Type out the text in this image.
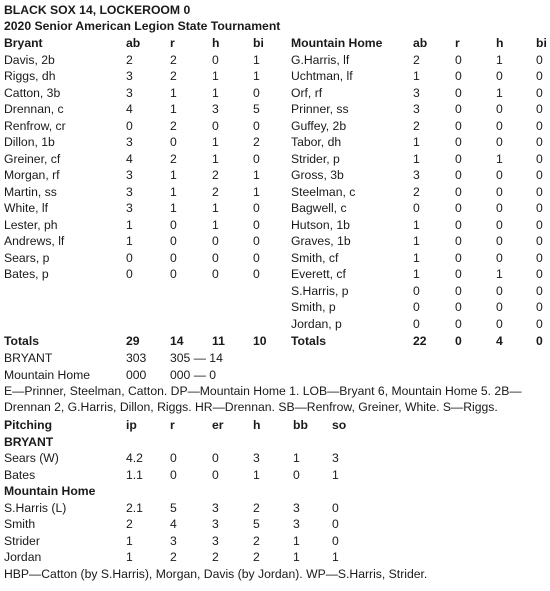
BLACK SOX 14, LOCKEROOM 0
2020 Senior American Legion State Tournament
Bryant	ab r	h	bi
Davis, 2b	2	2	0	1
Riggs, dh	3	2	1	1
Catton, 3b	3	1	1	0
Drennan, c	4	1	3	5
Renfrow, cr	0	2	0	0
Dillon, 1b	3	0	1	2
Greiner, cf	4	2	1	0
Morgan, rf	3	1	2	1
Martin, ss	3	1	2	1
White, lf	3	1	1	0
Lester, ph	1	0	1	0
Andrews, lf	1	0	0	0
Sears, p	0	0	0	0
Bates, p	0	0	0	0
Totals	29 14 11 10
Mountain Home	ab r	h	bi
G.Harris, lf	2	0	1	0
Uchtman, lf	1	0	0	0
Orf, rf	3	0	1	0
Prinner, ss	3	0	0	0
Guffey, 2b	2	0	0	0
Tabor, dh	1	0	0	0
Strider, p	1	0	1	0
Gross, 3b	3	0	0	0
Steelman, c	2	0	0	0
Bagwell, c	0	0	0	0
Hutson, 1b	1	0	0	0
Graves, 1b	1	0	0	0
Smith, cf	1	0	0	0
Everett, cf	1	0	1	0
S.Harris, p	0	0	0	0
Smith, p	0	0	0	0
Jordan, p	0	0	0	0
Totals	22 0	4	0
BRYANT	303 305 — 14
Mountain Home	000 000 — 0
E—Prinner, Steelman, Catton. DP—Mountain Home 1. LOB—Bryant 6, Mountain Home 5. 2B—
Drennan 2, G.Harris, Dillon, Riggs. HR—Drennan. SB—Renfrow, Greiner, White. S—Riggs.
Pitching	ip	r	er h	bb so
BRYANT
Sears (W)	4.2 0	0	3	1	3
Bates	1.1 0	0	1	0	1
Mountain Home
S.Harris (L)	2.1 5	3	2	3	0
Smith	2	4	3	5	3	0
Strider	1	3	3	2	1	0
Jordan	1	2	2	2	1	1
HBP—Catton (by S.Harris), Morgan, Davis (by Jordan). WP—S.Harris, Strider.
